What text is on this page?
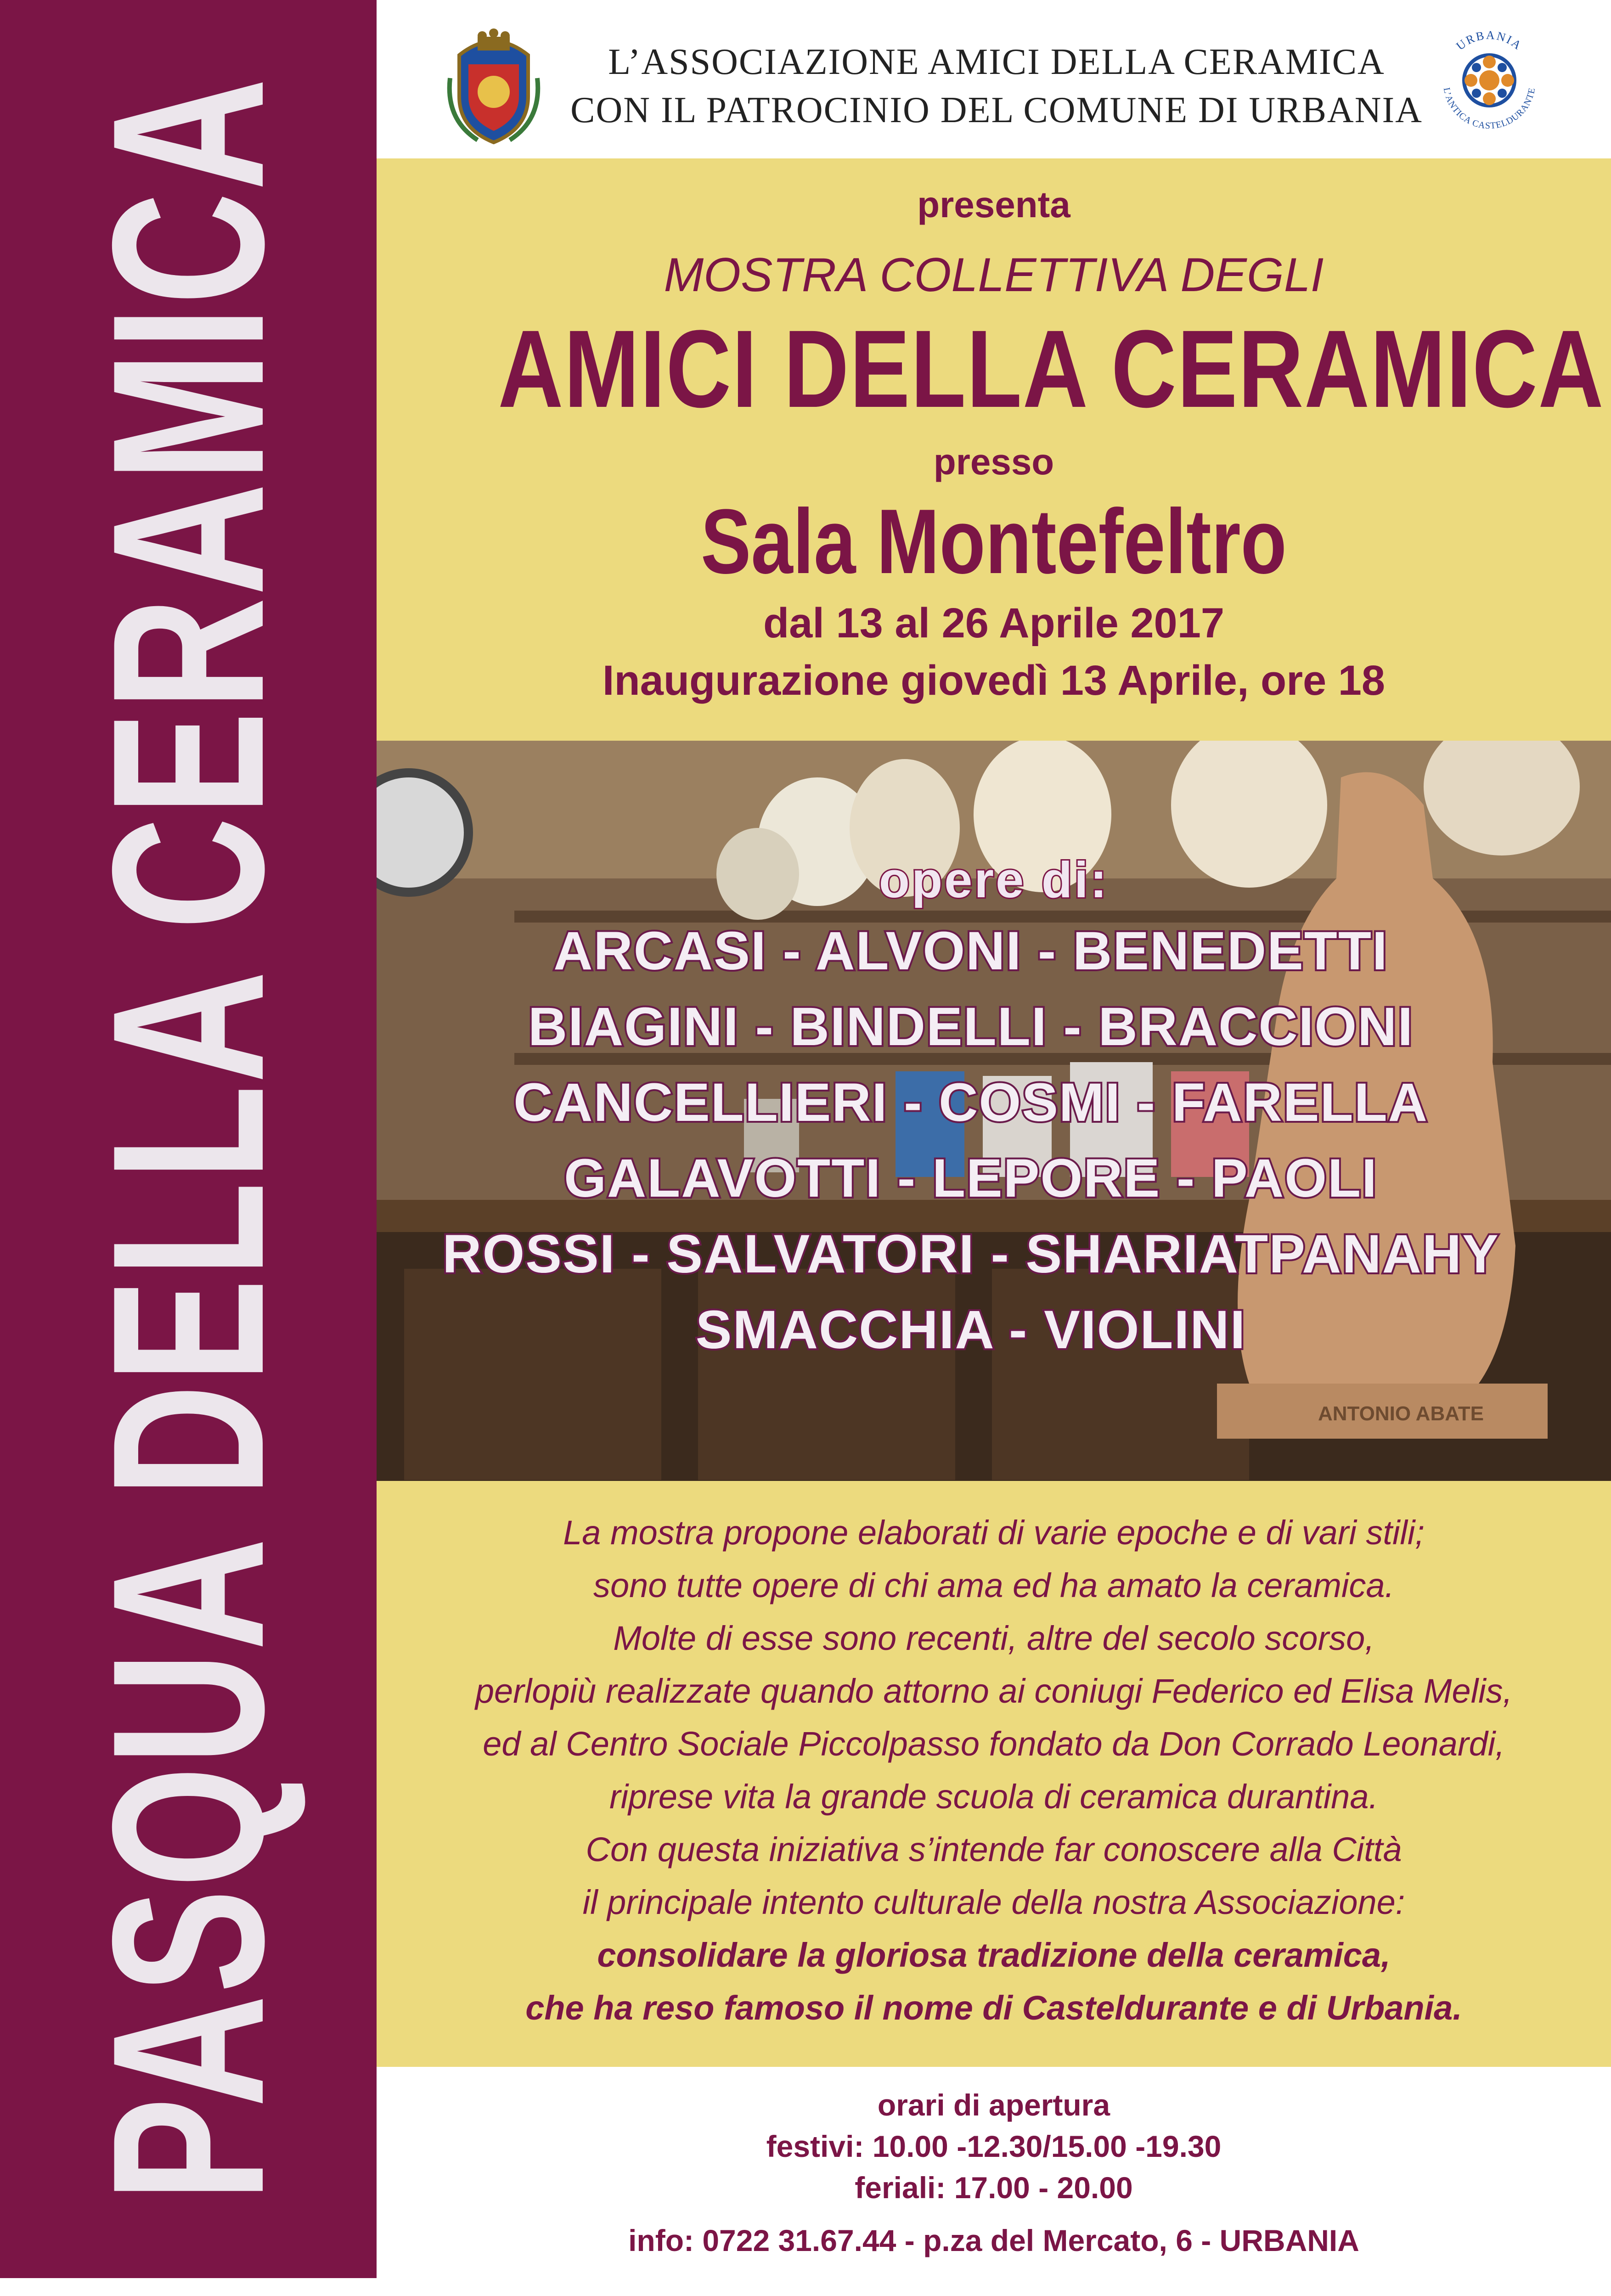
PASQUA DELLA CERAMICA
L’ASSOCIAZIONE AMICI DELLA CERAMICA
CON IL PATROCINIO DEL COMUNE DI URBANIA
URBANIA
L’ANTICA CASTELDURANTE
presenta
MOSTRA COLLETTIVA DEGLI
AMICI DELLA CERAMICA
presso
Sala Montefeltro
dal 13 al 26 Aprile 2017
Inaugurazione giovedì 13 Aprile, ore 18
ANTONIO ABATE
opere di:
ARCASI - ALVONI - BENEDETTI
BIAGINI - BINDELLI - BRACCIONI
CANCELLIERI - COSMI - FARELLA
GALAVOTTI - LEPORE - PAOLI
ROSSI - SALVATORI - SHARIATPANAHY
SMACCHIA - VIOLINI
La mostra propone elaborati di varie epoche e di vari stili;
sono tutte opere di chi ama ed ha amato la ceramica.
Molte di esse sono recenti, altre del secolo scorso,
perlopiù realizzate quando attorno ai coniugi Federico ed Elisa Melis,
ed al Centro Sociale Piccolpasso fondato da Don Corrado Leonardi,
riprese vita la grande scuola di ceramica durantina.
Con questa iniziativa s’intende far conoscere alla Città
il principale intento culturale della nostra Associazione:
consolidare la gloriosa tradizione della ceramica,
che ha reso famoso il nome di Casteldurante e di Urbania.
orari di apertura
festivi: 10.00 -12.30/15.00 -19.30
feriali: 17.00 - 20.00
info: 0722 31.67.44 - p.za del Mercato, 6 - URBANIA
